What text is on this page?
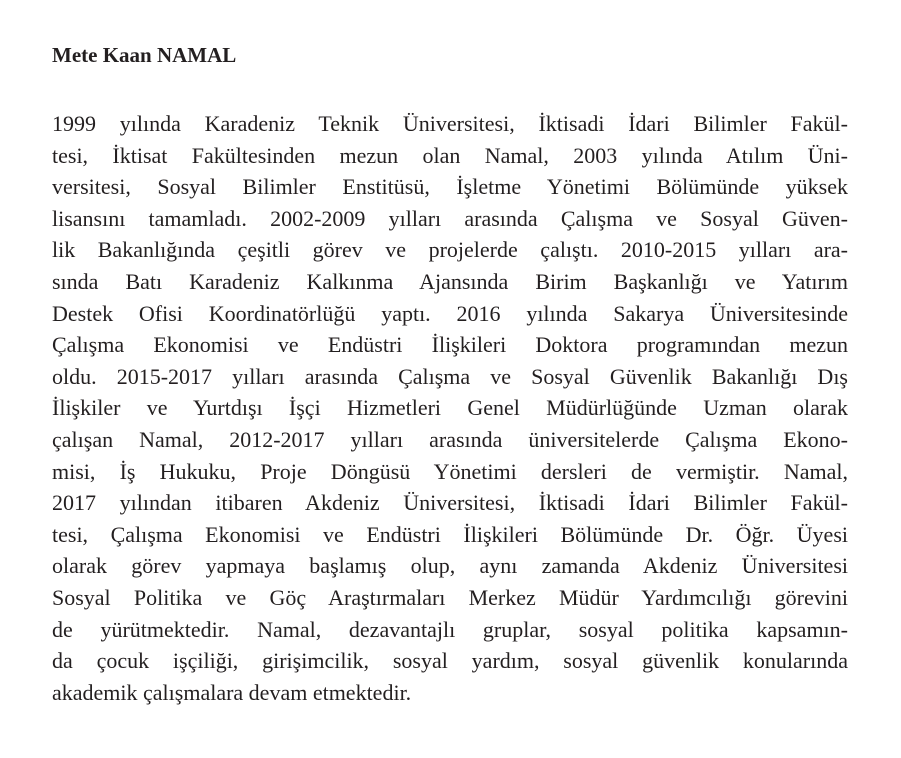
Mete Kaan NAMAL
1999 yılında Karadeniz Teknik Üniversitesi, İktisadi İdari Bilimler Fakül-
tesi, İktisat Fakültesinden mezun olan Namal, 2003 yılında Atılım Üni-
versitesi, Sosyal Bilimler Enstitüsü, İşletme Yönetimi Bölümünde yüksek
lisansını tamamladı. 2002-2009 yılları arasında Çalışma ve Sosyal Güven-
lik Bakanlığında çeşitli görev ve projelerde çalıştı. 2010-2015 yılları ara-
sında Batı Karadeniz Kalkınma Ajansında Birim Başkanlığı ve Yatırım
Destek Ofisi Koordinatörlüğü yaptı. 2016 yılında Sakarya Üniversitesinde
Çalışma Ekonomisi ve Endüstri İlişkileri Doktora programından mezun
oldu. 2015-2017 yılları arasında Çalışma ve Sosyal Güvenlik Bakanlığı Dış
İlişkiler ve Yurtdışı İşçi Hizmetleri Genel Müdürlüğünde Uzman olarak
çalışan Namal, 2012-2017 yılları arasında üniversitelerde Çalışma Ekono-
misi, İş Hukuku, Proje Döngüsü Yönetimi dersleri de vermiştir. Namal,
2017 yılından itibaren Akdeniz Üniversitesi, İktisadi İdari Bilimler Fakül-
tesi, Çalışma Ekonomisi ve Endüstri İlişkileri Bölümünde Dr. Öğr. Üyesi
olarak görev yapmaya başlamış olup, aynı zamanda Akdeniz Üniversitesi
Sosyal Politika ve Göç Araştırmaları Merkez Müdür Yardımcılığı görevini
de yürütmektedir. Namal, dezavantajlı gruplar, sosyal politika kapsamın-
da çocuk işçiliği, girişimcilik, sosyal yardım, sosyal güvenlik konularında
akademik çalışmalara devam etmektedir.
